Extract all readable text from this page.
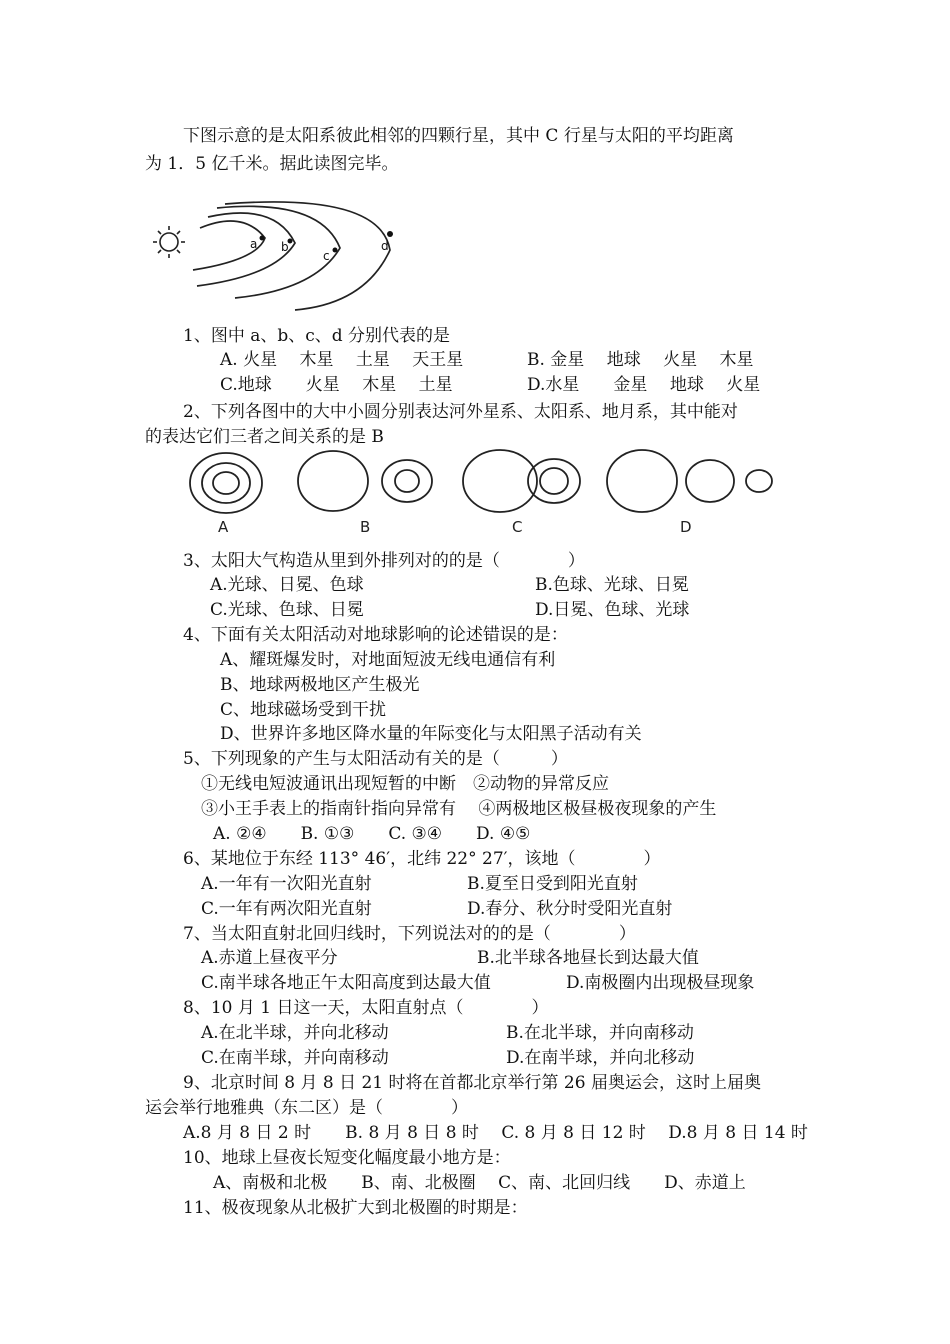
下图示意的是太阳系彼此相邻的四颗行星，其中 C 行星与太阳的平均距离
为 1．5 亿千米。据此读图完毕。
a b
c
d
1、图中 a、b、c、d 分别代表的是
A. 火星　 木星　 土星　 天王星	B. 金星　 地球　 火星　 木星
C.地球　　火星　 木星　 土星	D.水星　　金星　 地球　 火星
2、下列各图中的大中小圆分别表达河外星系、太阳系、地月系，其中能对
的表达它们三者之间关系的是 B
A	B	C	D
3、太阳大气构造从里到外排列对的的是（　　　　）
A.光球、日冕、色球	B.色球、光球、日冕
C.光球、色球、日冕	D.日冕、色球、光球
4、下面有关太阳活动对地球影响的论述错误的是：
A、耀斑爆发时，对地面短波无线电通信有利
B、地球两极地区产生极光
C、地球磁场受到干扰
D、世界许多地区降水量的年际变化与太阳黑子活动有关
5、下列现象的产生与太阳活动有关的是（　　　）
①无线电短波通讯出现短暂的中断　②动物的异常反应
③小王手表上的指南针指向异常有　 ④两极地区极昼极夜现象的产生
A. ②④　　B. ①③　　C. ③④　　D. ④⑤
6、某地位于东经 113° 46′，北纬 22° 27′，该地（　　　　）
A.一年有一次阳光直射	B.夏至日受到阳光直射
C.一年有两次阳光直射	D.春分、秋分时受阳光直射
7、当太阳直射北回归线时，下列说法对的的是（　　　　）
A.赤道上昼夜平分	B.北半球各地昼长到达最大值
C.南半球各地正午太阳高度到达最大值	D.南极圈内出现极昼现象
8、10 月 1 日这一天，太阳直射点（　　　　）
A.在北半球，并向北移动	B.在北半球，并向南移动
C.在南半球，并向南移动	D.在南半球，并向北移动
9、北京时间 8 月 8 日 21 时将在首都北京举行第 26 届奥运会，这时上届奥
运会举行地雅典（东二区）是（　　　　）
A.8 月 8 日 2 时　　B. 8 月 8 日 8 时　 C. 8 月 8 日 12 时　 D.8 月 8 日 14 时
10、地球上昼夜长短变化幅度最小地方是：
A、南极和北极　　B、南、北极圈　 C、南、北回归线　　D、赤道上
11、极夜现象从北极扩大到北极圈的时期是：
